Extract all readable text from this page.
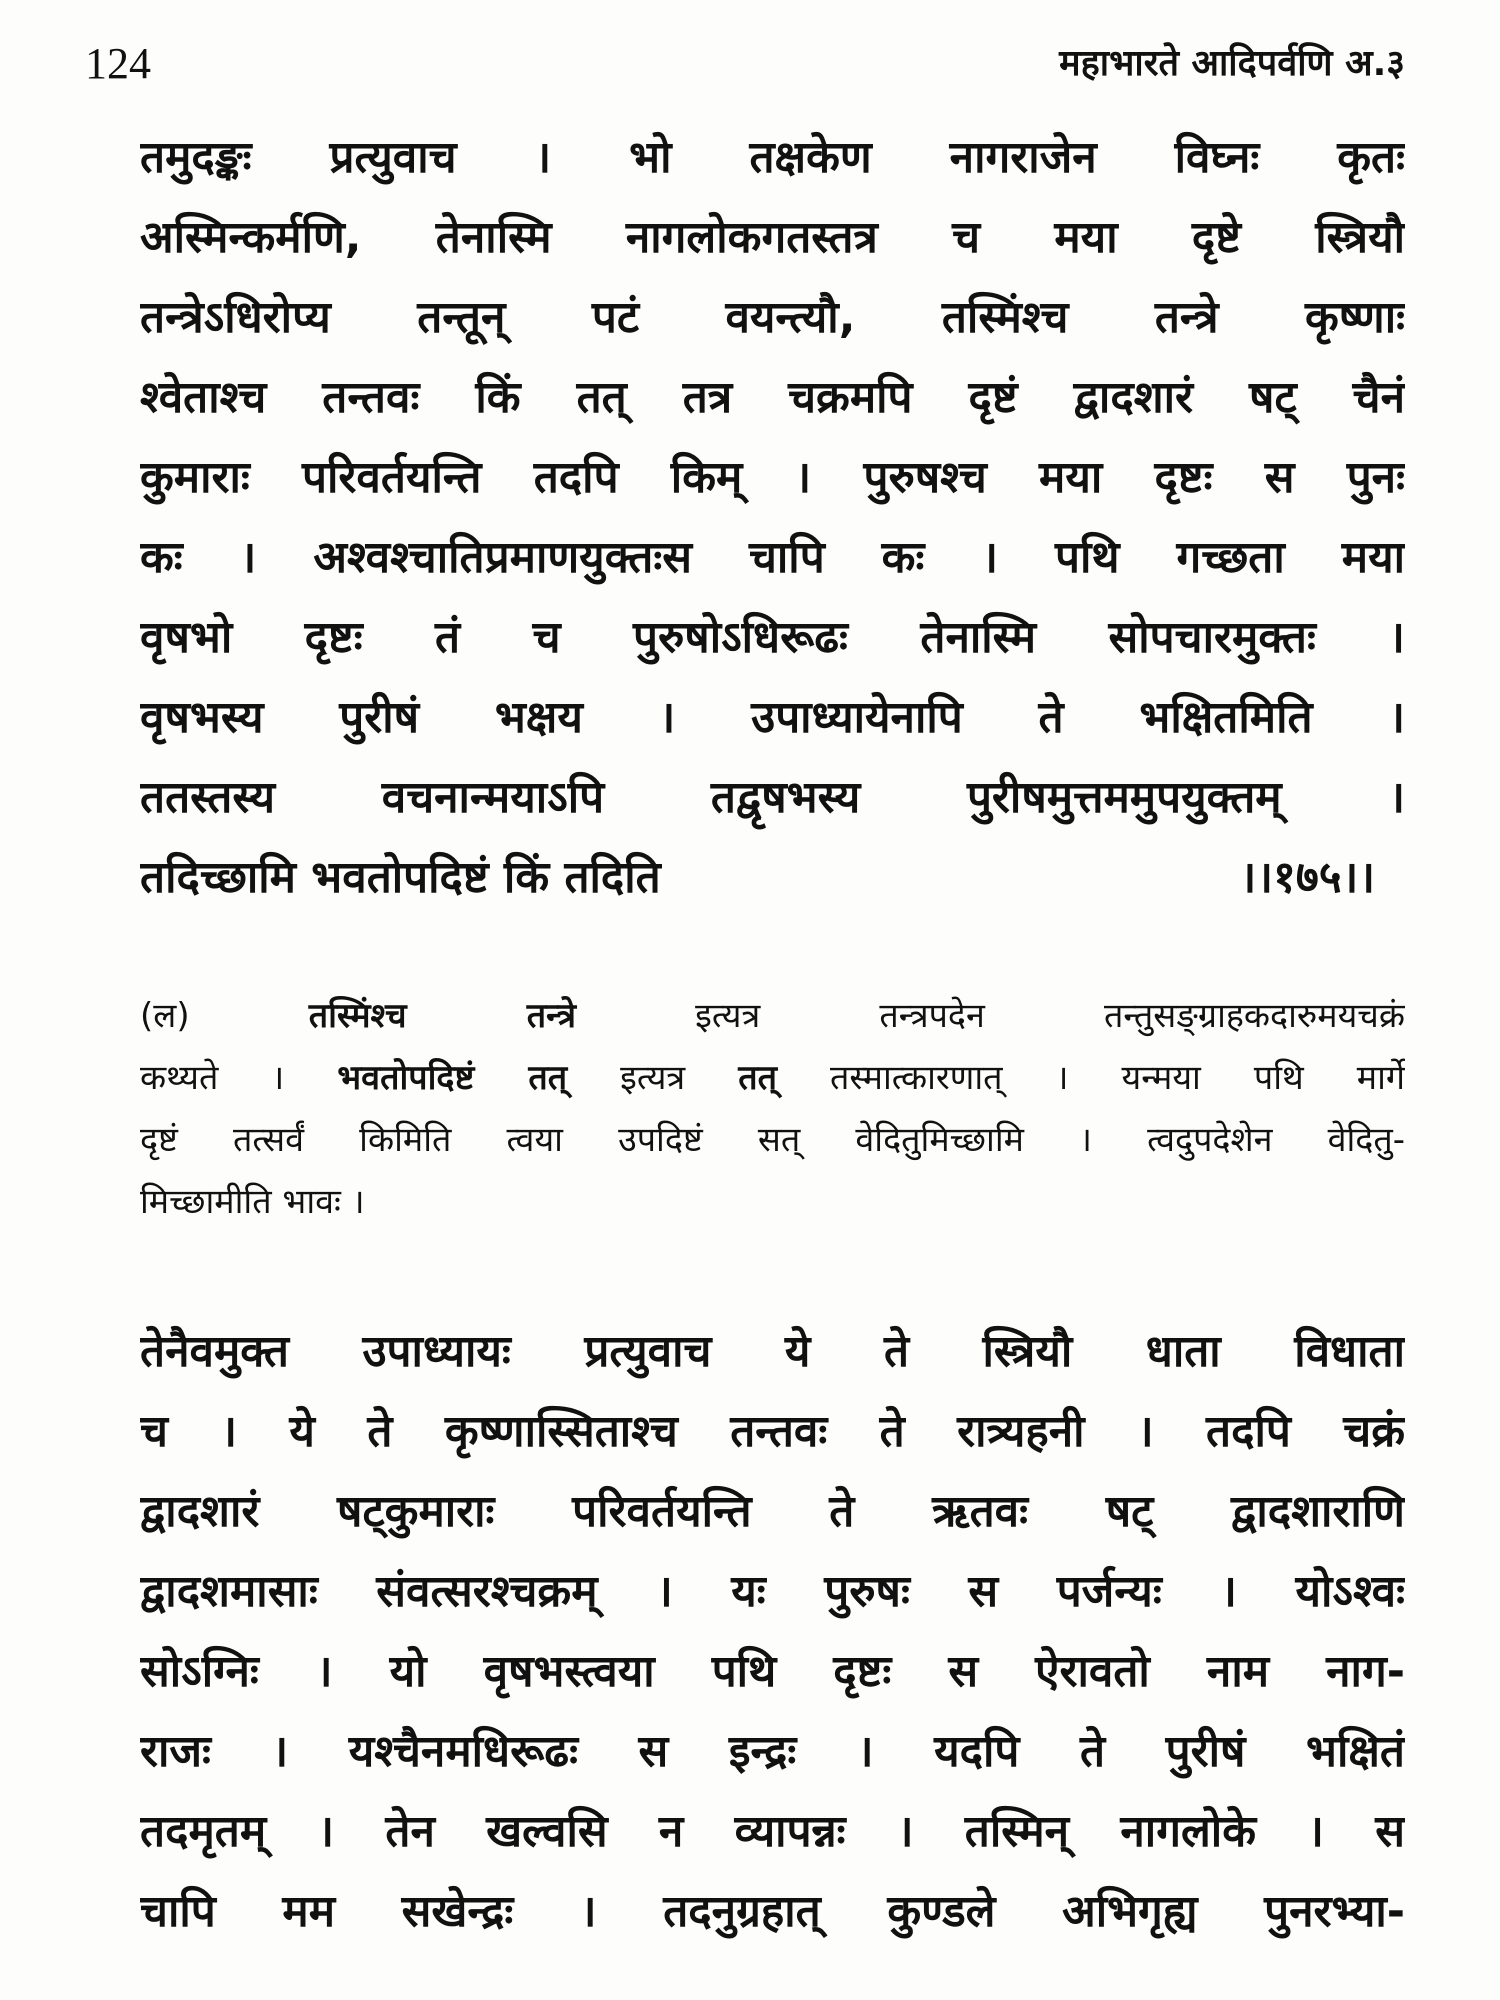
124	महाभारते आदिपर्वणि अ.३
तमुदङ्कः प्रत्युवाच । भो तक्षकेण नागराजेन विघ्नः कृतः
अस्मिन्कर्मणि, तेनास्मि नागलोकगतस्तत्र च मया दृष्टे स्त्रियौ
तन्त्रेऽधिरोप्य तन्तून् पटं वयन्त्यौ, तस्मिंश्च तन्त्रे कृष्णाः
श्वेताश्च तन्तवः किं तत् तत्र चक्रमपि दृष्टं द्वादशारं षट् चैनं
कुमाराः परिवर्तयन्ति तदपि किम् । पुरुषश्च मया दृष्टः स पुनः
कः । अश्वश्चातिप्रमाणयुक्तःस चापि कः । पथि गच्छता मया
वृषभो दृष्टः तं च पुरुषोऽधिरूढः तेनास्मि सोपचारमुक्तः ।
वृषभस्य पुरीषं भक्षय । उपाध्यायेनापि ते भक्षितमिति ।
ततस्तस्य वचनान्मयाऽपि तद्वृषभस्य पुरीषमुत्तममुपयुक्तम् ।
तदिच्छामि भवतोपदिष्टं किं तदिति	।।१७५।।
(ल)	तस्मिंश्च तन्त्रे	इत्यत्र तन्त्रपदेन तन्तुसङ्ग्राहकदारुमयचक्रं
कथ्यते । भवतोपदिष्टं तत् इत्यत्र तत् तस्मात्कारणात् । यन्मया पथि मार्गे
दृष्टं तत्सर्वं किमिति त्वया उपदिष्टं सत् वेदितुमिच्छामि । त्वदुपदेशेन वेदितु-
मिच्छामीति भावः ।
तेनैवमुक्त उपाध्यायः प्रत्युवाच ये ते स्त्रियौ धाता विधाता
च । ये ते कृष्णास्सिताश्च तन्तवः ते रात्र्यहनी । तदपि चक्रं
द्वादशारं षट्कुमाराः परिवर्तयन्ति ते ऋतवः षट् द्वादशाराणि
द्वादशमासाः संवत्सरश्चक्रम् । यः पुरुषः स पर्जन्यः । योऽश्वः
सोऽग्निः । यो वृषभस्त्वया पथि दृष्टः स ऐरावतो नाम नाग-
राजः । यश्चैनमधिरूढः स इन्द्रः । यदपि ते पुरीषं भक्षितं
तदमृतम् । तेन खल्वसि न व्यापन्नः । तस्मिन् नागलोके । स
चापि मम सखेन्द्रः । तदनुग्रहात् कुण्डले अभिगृह्य पुनरभ्या-
